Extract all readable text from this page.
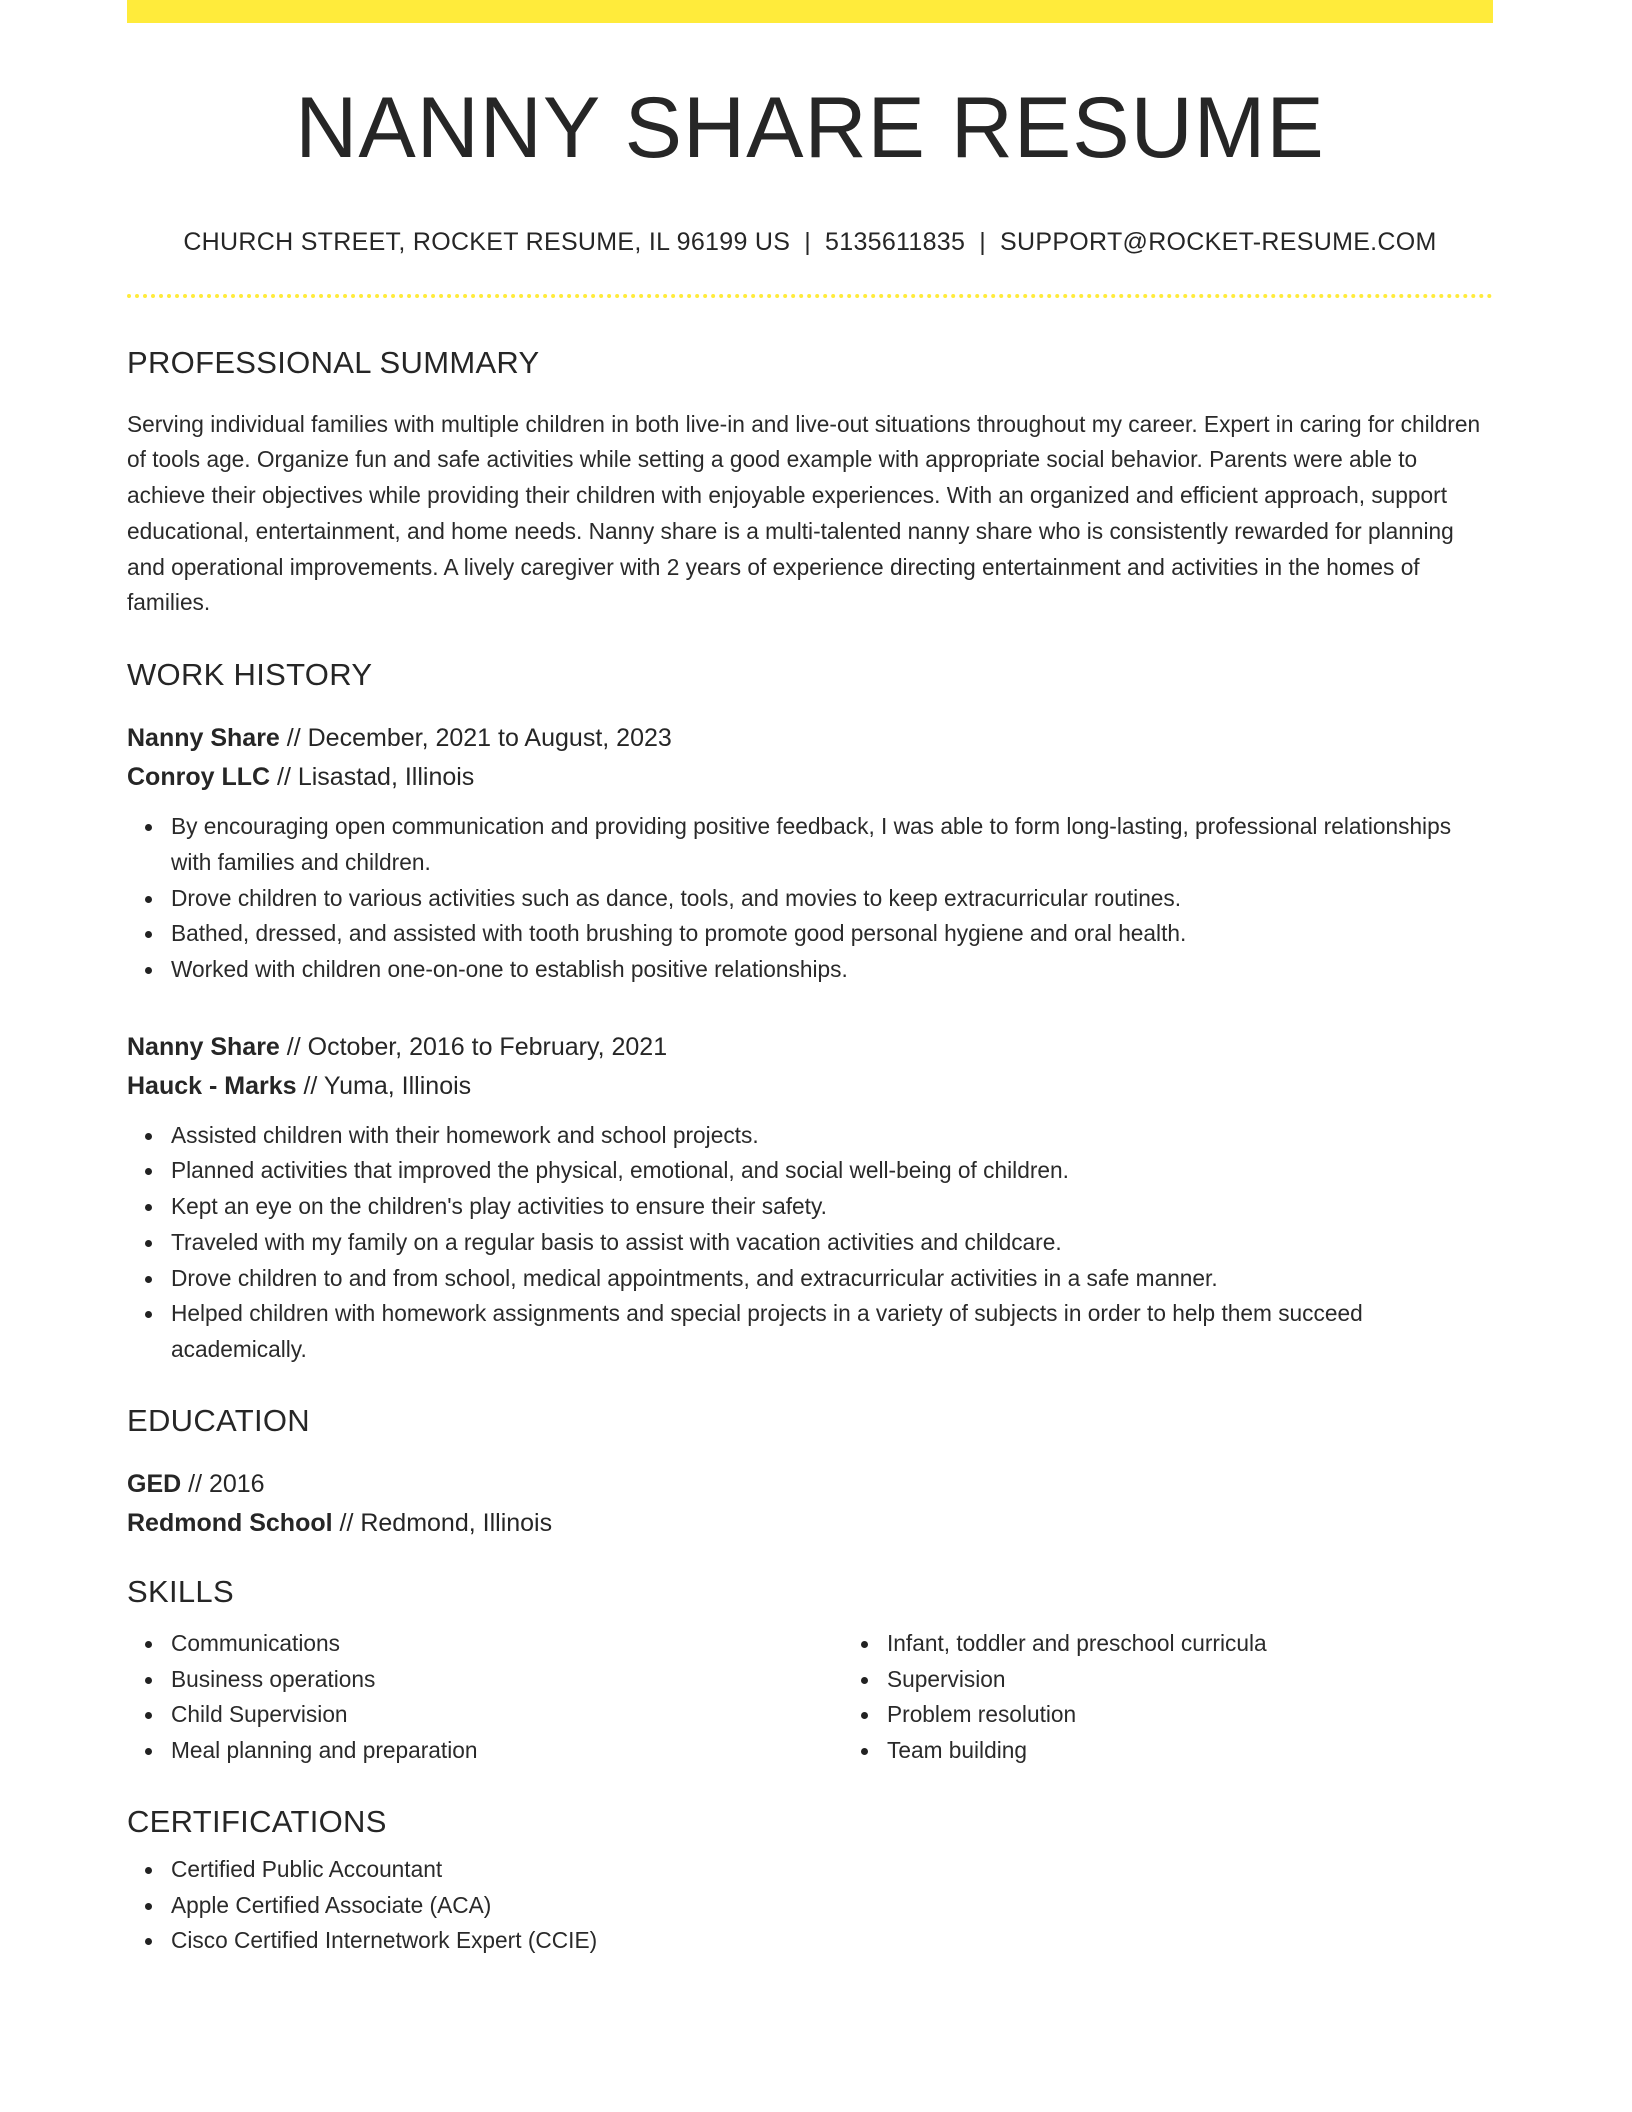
NANNY SHARE RESUME
CHURCH STREET, ROCKET RESUME, IL 96199 US | 5135611835 | SUPPORT@ROCKET-RESUME.COM
PROFESSIONAL SUMMARY
Serving individual families with multiple children in both live-in and live-out situations throughout my career. Expert in caring for children of tools age. Organize fun and safe activities while setting a good example with appropriate social behavior. Parents were able to achieve their objectives while providing their children with enjoyable experiences. With an organized and efficient approach, support educational, entertainment, and home needs. Nanny share is a multi-talented nanny share who is consistently rewarded for planning and operational improvements. A lively caregiver with 2 years of experience directing entertainment and activities in the homes of families.
WORK HISTORY
Nanny Share // December, 2021 to August, 2023
Conroy LLC // Lisastad, Illinois
By encouraging open communication and providing positive feedback, I was able to form long-lasting, professional relationships with families and children.
Drove children to various activities such as dance, tools, and movies to keep extracurricular routines.
Bathed, dressed, and assisted with tooth brushing to promote good personal hygiene and oral health.
Worked with children one-on-one to establish positive relationships.
Nanny Share // October, 2016 to February, 2021
Hauck - Marks // Yuma, Illinois
Assisted children with their homework and school projects.
Planned activities that improved the physical, emotional, and social well-being of children.
Kept an eye on the children's play activities to ensure their safety.
Traveled with my family on a regular basis to assist with vacation activities and childcare.
Drove children to and from school, medical appointments, and extracurricular activities in a safe manner.
Helped children with homework assignments and special projects in a variety of subjects in order to help them succeed academically.
EDUCATION
GED // 2016
Redmond School // Redmond, Illinois
SKILLS
Communications
Business operations
Child Supervision
Meal planning and preparation
Infant, toddler and preschool curricula
Supervision
Problem resolution
Team building
CERTIFICATIONS
Certified Public Accountant
Apple Certified Associate (ACA)
Cisco Certified Internetwork Expert (CCIE)
